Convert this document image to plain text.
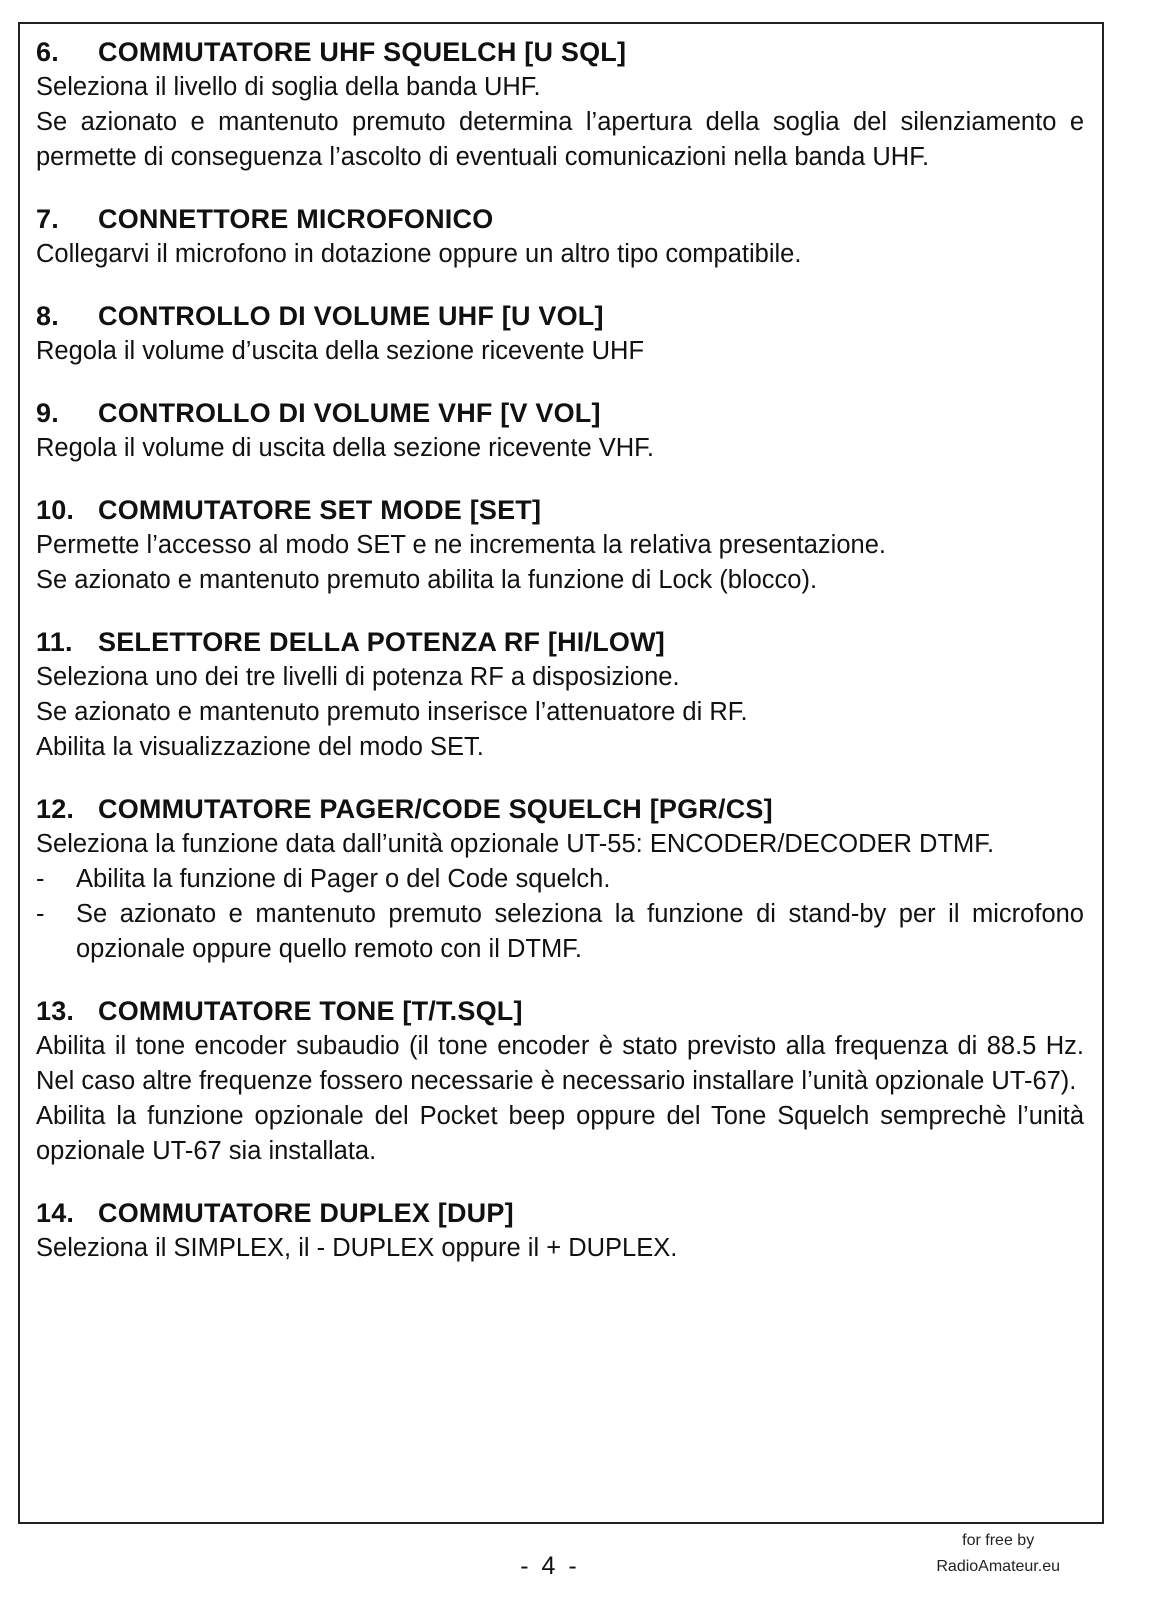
6.	COMMUTATORE UHF SQUELCH [U SQL]

Seleziona il livello di soglia della banda UHF.

Se azionato e mantenuto premuto determina l’apertura della soglia del silenziamento e permette di conseguenza l’ascolto di eventuali comunicazioni nella banda UHF.

7.	CONNETTORE MICROFONICO

Collegarvi il microfono in dotazione oppure un altro tipo compatibile.

8.	CONTROLLO DI VOLUME UHF [U VOL]

Regola il volume d’uscita della sezione ricevente UHF

9.	CONTROLLO DI VOLUME VHF [V VOL]

Regola il volume di uscita della sezione ricevente VHF.

10. COMMUTATORE SET MODE [SET]

Permette l’accesso al modo SET e ne incrementa la relativa presentazione.

Se azionato e mantenuto premuto abilita la funzione di Lock (blocco).

11. SELETTORE DELLA POTENZA RF [HI/LOW]

Seleziona uno dei tre livelli di potenza RF a disposizione.

Se azionato e mantenuto premuto inserisce l’attenuatore di RF.

Abilita la visualizzazione del modo SET.

12. COMMUTATORE PAGER/CODE SQUELCH [PGR/CS]

Seleziona la funzione data dall’unità opzionale UT-55: ENCODER/DECODER DTMF.

- Abilita la funzione di Pager o del Code squelch.
- Se azionato e mantenuto premuto seleziona la funzione di stand-by per il microfono opzionale oppure quello remoto con il DTMF.
13. COMMUTATORE TONE [T/T.SQL]

Abilita il tone encoder subaudio (il tone encoder è stato previsto alla frequenza di 88.5 Hz. Nel caso altre frequenze fossero necessarie è necessario installare l’unità opzionale UT-67).

Abilita la funzione opzionale del Pocket beep oppure del Tone Squelch semprechè l’unità opzionale UT-67 sia installata.

14. COMMUTATORE DUPLEX [DUP]

Seleziona il SIMPLEX, il - DUPLEX oppure il + DUPLEX.

for free by
RadioAmateur.eu
- 4 -
